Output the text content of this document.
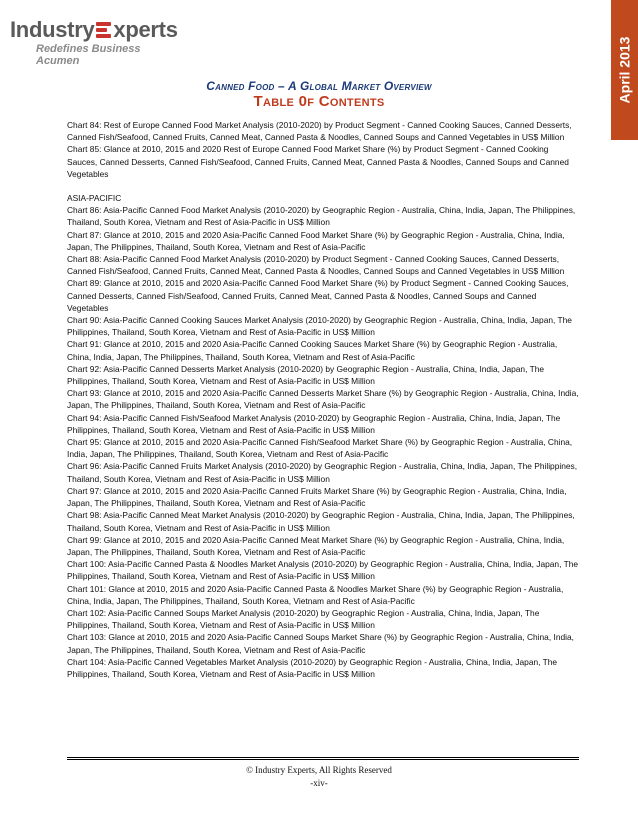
Industry xperts
Redefines Business Acumen	April 2013
Canned Food – A Global Market Overview
Table 0f Contents

Chart 84: Rest of Europe Canned Food Market Analysis (2010-2020) by Product Segment - Canned Cooking Sauces, Canned Desserts, Canned Fish/Seafood, Canned Fruits, Canned Meat, Canned Pasta & Noodles, Canned Soups and Canned Vegetables in US$ Million

Chart 85: Glance at 2010, 2015 and 2020 Rest of Europe Canned Food Market Share (%) by Product Segment - Canned Cooking Sauces, Canned Desserts, Canned Fish/Seafood, Canned Fruits, Canned Meat, Canned Pasta & Noodles, Canned Soups and Canned Vegetables

ASIA-PACIFIC

Chart 86: Asia-Pacific Canned Food Market Analysis (2010-2020) by Geographic Region - Australia, China, India, Japan, The Philippines, Thailand, South Korea, Vietnam and Rest of Asia-Pacific in US$ Million

Chart 87: Glance at 2010, 2015 and 2020 Asia-Pacific Canned Food Market Share (%) by Geographic Region - Australia, China, India, Japan, The Philippines, Thailand, South Korea, Vietnam and Rest of Asia-Pacific

Chart 88: Asia-Pacific Canned Food Market Analysis (2010-2020) by Product Segment - Canned Cooking Sauces, Canned Desserts, Canned Fish/Seafood, Canned Fruits, Canned Meat, Canned Pasta & Noodles, Canned Soups and Canned Vegetables in US$ Million

Chart 89: Glance at 2010, 2015 and 2020 Asia-Pacific Canned Food Market Share (%) by Product Segment - Canned Cooking Sauces, Canned Desserts, Canned Fish/Seafood, Canned Fruits, Canned Meat, Canned Pasta & Noodles, Canned Soups and Canned Vegetables

Chart 90: Asia-Pacific Canned Cooking Sauces Market Analysis (2010-2020) by Geographic Region - Australia, China, India, Japan, The Philippines, Thailand, South Korea, Vietnam and Rest of Asia-Pacific in US$ Million

Chart 91: Glance at 2010, 2015 and 2020 Asia-Pacific Canned Cooking Sauces Market Share (%) by Geographic Region - Australia, China, India, Japan, The Philippines, Thailand, South Korea, Vietnam and Rest of Asia-Pacific

Chart 92: Asia-Pacific Canned Desserts Market Analysis (2010-2020) by Geographic Region - Australia, China, India, Japan, The Philippines, Thailand, South Korea, Vietnam and Rest of Asia-Pacific in US$ Million

Chart 93: Glance at 2010, 2015 and 2020 Asia-Pacific Canned Desserts Market Share (%) by Geographic Region - Australia, China, India, Japan, The Philippines, Thailand, South Korea, Vietnam and Rest of Asia-Pacific

Chart 94: Asia-Pacific Canned Fish/Seafood Market Analysis (2010-2020) by Geographic Region - Australia, China, India, Japan, The Philippines, Thailand, South Korea, Vietnam and Rest of Asia-Pacific in US$ Million

Chart 95: Glance at 2010, 2015 and 2020 Asia-Pacific Canned Fish/Seafood Market Share (%) by Geographic Region - Australia, China, India, Japan, The Philippines, Thailand, South Korea, Vietnam and Rest of Asia-Pacific

Chart 96: Asia-Pacific Canned Fruits Market Analysis (2010-2020) by Geographic Region - Australia, China, India, Japan, The Philippines, Thailand, South Korea, Vietnam and Rest of Asia-Pacific in US$ Million

Chart 97: Glance at 2010, 2015 and 2020 Asia-Pacific Canned Fruits Market Share (%) by Geographic Region - Australia, China, India, Japan, The Philippines, Thailand, South Korea, Vietnam and Rest of Asia-Pacific

Chart 98: Asia-Pacific Canned Meat Market Analysis (2010-2020) by Geographic Region - Australia, China, India, Japan, The Philippines, Thailand, South Korea, Vietnam and Rest of Asia-Pacific in US$ Million

Chart 99: Glance at 2010, 2015 and 2020 Asia-Pacific Canned Meat Market Share (%) by Geographic Region - Australia, China, India, Japan, The Philippines, Thailand, South Korea, Vietnam and Rest of Asia-Pacific

Chart 100: Asia-Pacific Canned Pasta & Noodles Market Analysis (2010-2020) by Geographic Region - Australia, China, India, Japan, The Philippines, Thailand, South Korea, Vietnam and Rest of Asia-Pacific in US$ Million

Chart 101: Glance at 2010, 2015 and 2020 Asia-Pacific Canned Pasta & Noodles Market Share (%) by Geographic Region - Australia, China, India, Japan, The Philippines, Thailand, South Korea, Vietnam and Rest of Asia-Pacific

Chart 102: Asia-Pacific Canned Soups Market Analysis (2010-2020) by Geographic Region - Australia, China, India, Japan, The Philippines, Thailand, South Korea, Vietnam and Rest of Asia-Pacific in US$ Million

Chart 103: Glance at 2010, 2015 and 2020 Asia-Pacific Canned Soups Market Share (%) by Geographic Region - Australia, China, India, Japan, The Philippines, Thailand, South Korea, Vietnam and Rest of Asia-Pacific

Chart 104: Asia-Pacific Canned Vegetables Market Analysis (2010-2020) by Geographic Region - Australia, China, India, Japan, The Philippines, Thailand, South Korea, Vietnam and Rest of Asia-Pacific in US$ Million

© Industry Experts, All Rights Reserved
-xiv-
